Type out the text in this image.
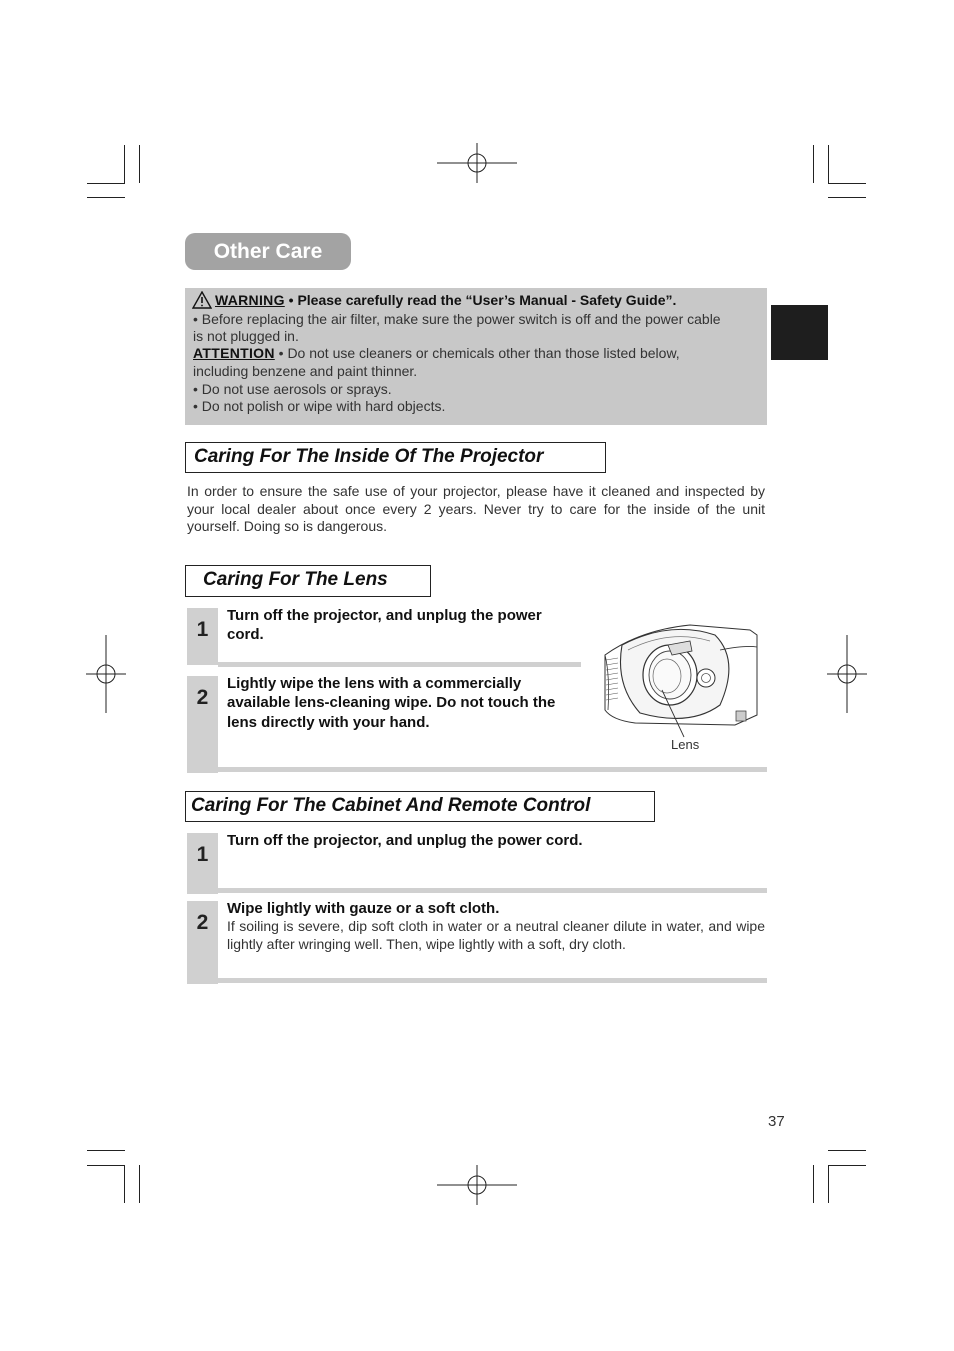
Other Care
WARNING • Please carefully read the “User’s Manual - Safety Guide”.
• Before replacing the air filter, make sure the power switch is off and the power cable
is not plugged in.
ATTENTION • Do not use cleaners or chemicals other than those listed below,
including benzene and paint thinner.
• Do not use aerosols or sprays.
• Do not polish or wipe with hard objects.
Caring For The Inside Of The Projector
In order to ensure the safe use of your projector, please have it cleaned and inspected by your local dealer about once every 2 years. Never try to care for the inside of the unit yourself. Doing so is dangerous.
Caring For The Lens
1
Turn off the projector, and unplug the power cord.
2
Lightly wipe the lens with a commercially available lens-cleaning wipe. Do not touch the lens directly with your hand.
Lens
Caring For The Cabinet And Remote Control
1
Turn off the projector, and unplug the power cord.
2
Wipe lightly with gauze or a soft cloth.
If soiling is severe, dip soft cloth in water or a neutral cleaner dilute in water, and wipe lightly after wringing well. Then, wipe lightly with a soft, dry cloth.
37
